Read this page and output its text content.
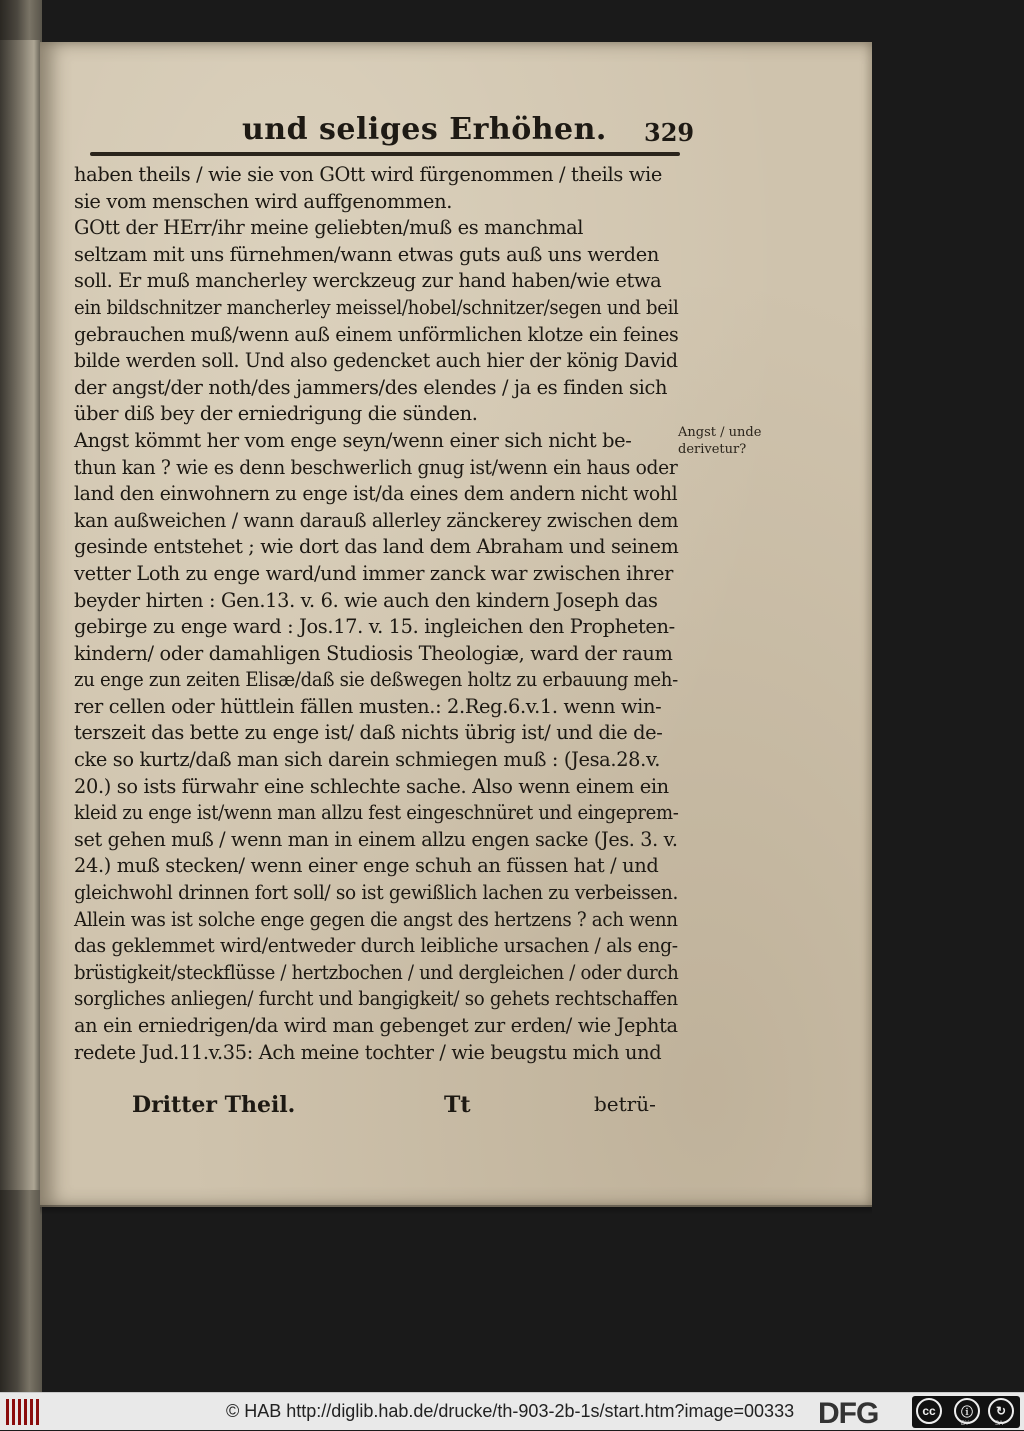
und seliges Erhöhen. 329
haben theils / wie sie von GOtt wird fürgenommen / theils wie
sie vom menschen wird auffgenommen.
GOtt der HErr/ihr meine geliebten/muß es manchmal
seltzam mit uns fürnehmen/wann etwas guts auß uns werden
soll. Er muß mancherley werckzeug zur hand haben/wie etwa
ein bildschnitzer mancherley meissel/hobel/schnitzer/segen und beil
gebrauchen muß/wenn auß einem unförmlichen klotze ein feines
bilde werden soll. Und also gedencket auch hier der könig David
der angst/der noth/des jammers/des elendes / ja es finden sich
über diß bey der erniedrigung die sünden.
Angst kömmt her vom enge seyn/wenn einer sich nicht be-
thun kan ? wie es denn beschwerlich gnug ist/wenn ein haus oder
land den einwohnern zu enge ist/da eines dem andern nicht wohl
kan außweichen / wann darauß allerley zänckerey zwischen dem
gesinde entstehet ; wie dort das land dem Abraham und seinem
vetter Loth zu enge ward/und immer zanck war zwischen ihrer
beyder hirten : Gen.13. v. 6. wie auch den kindern Joseph das
gebirge zu enge ward : Jos.17. v. 15. ingleichen den Propheten-
kindern/ oder damahligen Studiosis Theologiæ, ward der raum
zu enge zun zeiten Elisæ/daß sie deßwegen holtz zu erbauung meh-
rer cellen oder hüttlein fällen musten.: 2.Reg.6.v.1. wenn win-
terszeit das bette zu enge ist/ daß nichts übrig ist/ und die de-
cke so kurtz/daß man sich darein schmiegen muß : (Jesa.28.v.
20.) so ists fürwahr eine schlechte sache. Also wenn einem ein
kleid zu enge ist/wenn man allzu fest eingeschnüret und eingeprem-
set gehen muß / wenn man in einem allzu engen sacke (Jes. 3. v.
24.) muß stecken/ wenn einer enge schuh an füssen hat / und
gleichwohl drinnen fort soll/ so ist gewißlich lachen zu verbeissen.
Allein was ist solche enge gegen die angst des hertzens ? ach wenn
das geklemmet wird/entweder durch leibliche ursachen / als eng-
brüstigkeit/steckflüsse / hertzbochen / und dergleichen / oder durch
sorgliches anliegen/ furcht und bangigkeit/ so gehets rechtschaffen
an ein erniedrigen/da wird man gebenget zur erden/ wie Jephta
redete Jud.11.v.35: Ach meine tochter / wie beugstu mich und
Angst / unde
derivetur?
Dritter Theil.	Tt	betrü-
© HAB http://diglib.hab.de/drucke/th-903-2b-1s/start.htm?image=00333 DFG	cc	ⓘ	↻
BY	SA
